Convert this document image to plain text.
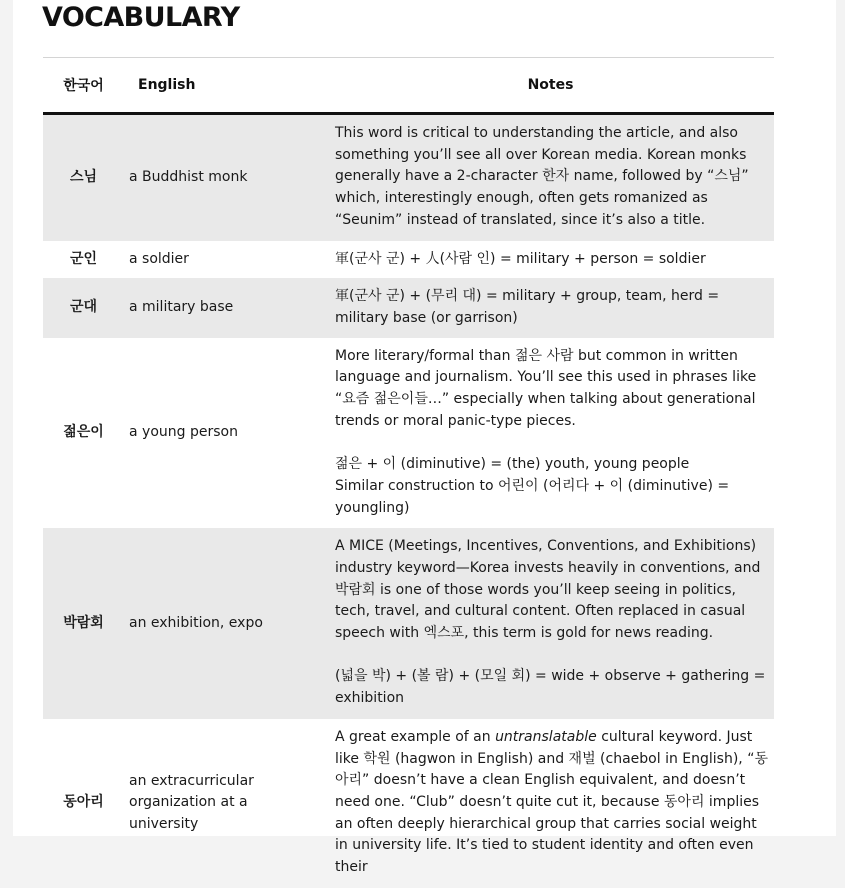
VOCABULARY
한국어	English	Notes
스님	a Buddhist monk	This word is critical to understanding the article, and also something you’ll see all over Korean media. Korean monks generally have a 2-character 한자 name, followed by “스님” which, interestingly enough, often gets romanized as “Seunim” instead of translated, since it’s also a title.

군인	a soldier	軍(군사 군) + 人(사람 인) = military + person = soldier

군대	a military base	軍(군사 군) + (무리 대) = military + group, team, herd = military base (or garrison)

젊은이	a young person	More literary/formal than 젊은 사람 but common in written language and journalism. You’ll see this used in phrases like “요즘 젊은이들…” especially when talking about generational trends or moral panic-type pieces.
젊은 + 이 (diminutive) = (the) youth, young people
Similar construction to 어린이 (어리다 + 이 (diminutive) = youngling)

박람회	an exhibition, expo	A MICE (Meetings, Incentives, Conventions, and Exhibitions) industry keyword—Korea invests heavily in conventions, and 박람회 is one of those words you’ll keep seeing in politics, tech, travel, and cultural content. Often replaced in casual speech with 엑스포, this term is gold for news reading.
(넓을 박) + (볼 람) + (모일 회) = wide + observe + gathering = exhibition

동아리	an extracurricular organization at a university	A great example of an untranslatable cultural keyword. Just like 학원 (hagwon in English) and 재벌 (chaebol in English), “동아리” doesn’t have a clean English equivalent, and doesn’t need one. “Club” doesn’t quite cut it, because 동아리 implies an often deeply hierarchical group that carries social weight in university life. It’s tied to student identity and often even their
